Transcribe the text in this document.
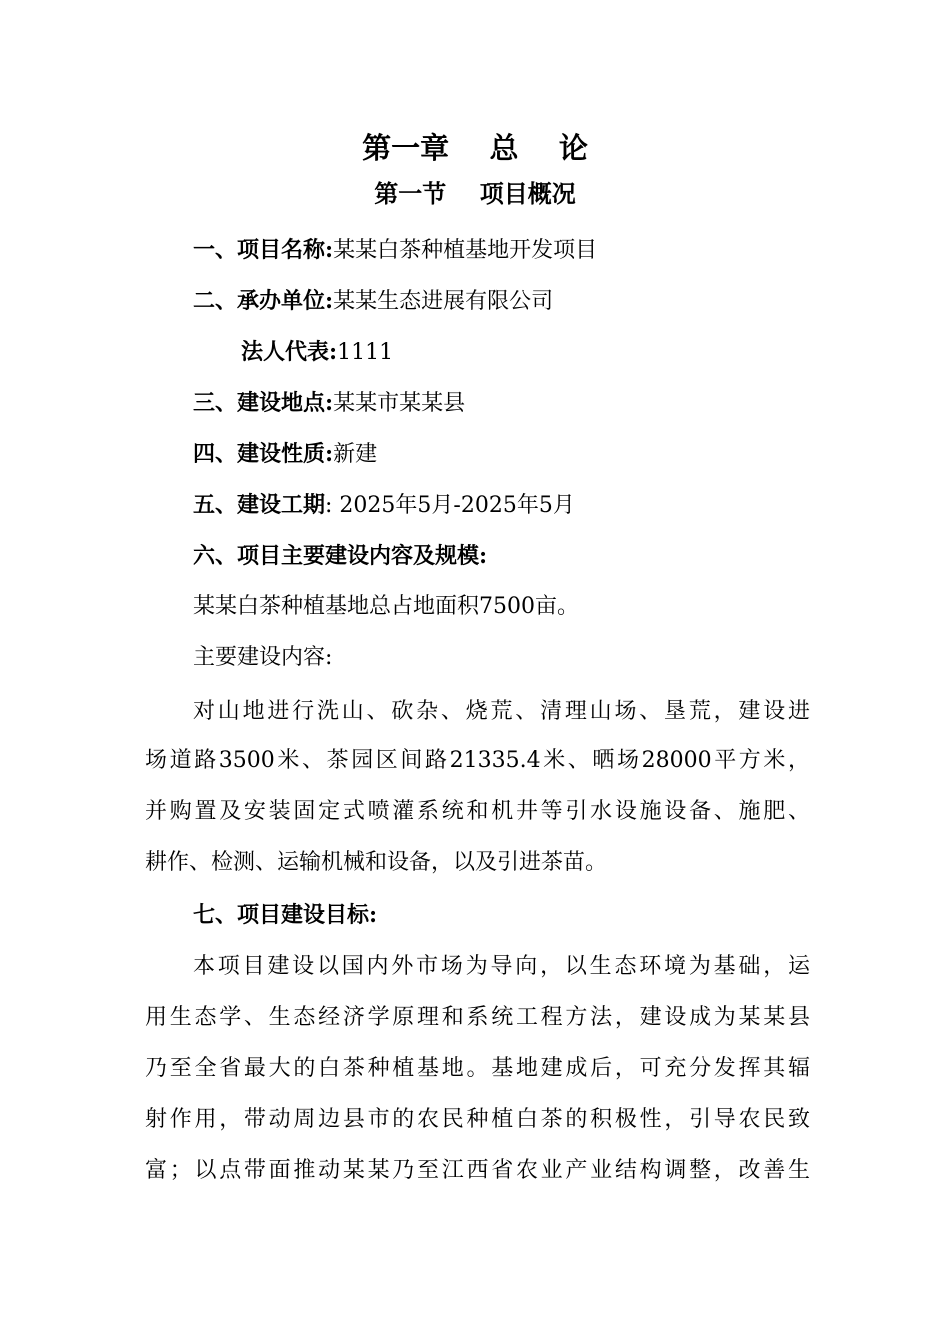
第一章    总    论
第一节    项目概况
一、项目名称:某某白茶种植基地开发项目
二、承办单位:某某生态进展有限公司
法人代表:1111
三、建设地点:某某市某某县
四、建设性质:新建
五、建设工期: 2025年5月-2025年5月
六、项目主要建设内容及规模:
某某白茶种植基地总占地面积7500亩。
主要建设内容:
对山地进行洗山、砍杂、烧荒、清理山场、垦荒，建设进
场道路3500米、茶园区间路21335.4米、晒场28000平方米，
并购置及安装固定式喷灌系统和机井等引水设施设备、施肥、
耕作、检测、运输机械和设备，以及引进茶苗。
七、项目建设目标:
本项目建设以国内外市场为导向，以生态环境为基础，运
用生态学、生态经济学原理和系统工程方法，建设成为某某县
乃至全省最大的白茶种植基地。基地建成后，可充分发挥其辐
射作用，带动周边县市的农民种植白茶的积极性，引导农民致
富；以点带面推动某某乃至江西省农业产业结构调整，改善生
